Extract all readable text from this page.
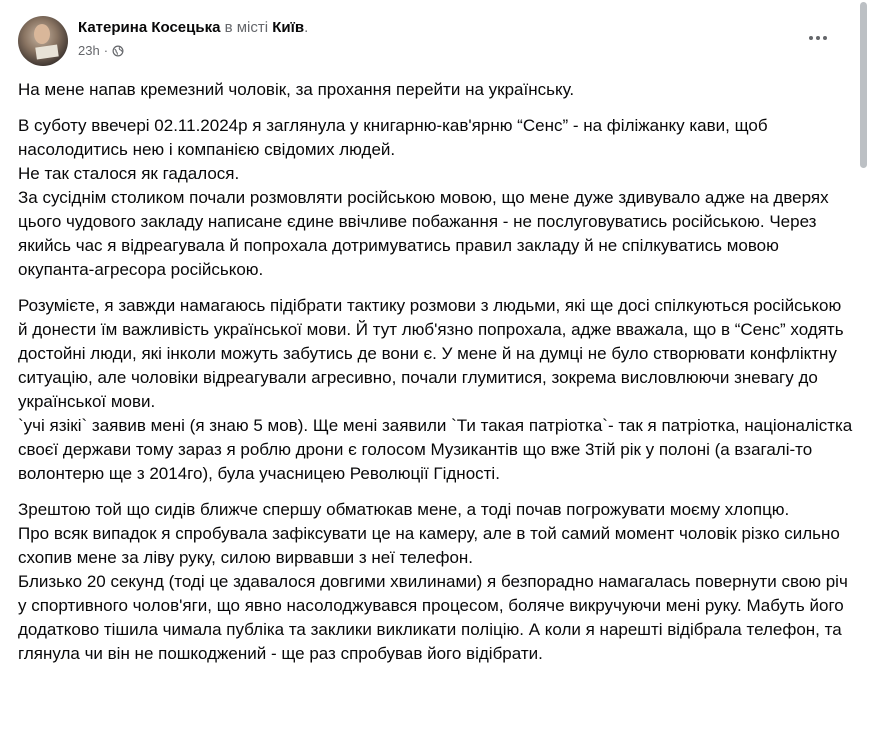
Катерина Косецька в місті Київ.
23h ·

На мене напав кремезний чоловік, за прохання перейти на українську.

В суботу ввечері 02.11.2024р я заглянула у книгарню-кав'ярню “Сенс” - на філіжанку кави, щоб насолодитись нею і компанією свідомих людей.
Не так сталося як гадалося.
За сусіднім столиком почали розмовляти російською мовою, що мене дуже здивувало адже на дверях цього чудового закладу написане єдине ввічливе побажання - не послуговуватись російською. Через якийсь час я відреагувала й попрохала дотримуватись правил закладу й не спілкуватись мовою окупанта-агресора російською.

Розумієте, я завжди намагаюсь підібрати тактику розмови з людьми, які ще досі спілкуються російською й донести їм важливість української мови. Й тут люб'язно попрохала, адже вважала, що в “Сенс” ходять достойні люди, які інколи можуть забутись де вони є. У мене й на думці не було створювати конфліктну ситуацію, але чоловіки відреагували агресивно, почали глумитися, зокрема висловлюючи зневагу до української мови.
`учі язікі` заявив мені (я знаю 5 мов). Ще мені заявили `Ти такая патріотка`- так я патріотка, націоналістка своєї держави тому зараз я роблю дрони є голосом Музикантів що вже 3тій рік у полоні (а взагалі-то волонтерю ще з 2014го), була учасницею Революції Гідності.

Зрештою той що сидів ближче спершу обматюкав мене, а тоді почав погрожувати моєму хлопцю.
Про всяк випадок я спробувала зафіксувати це на камеру, але в той самий момент чоловік різко сильно схопив мене за ліву руку, силою вирвавши з неї телефон.
Близько 20 секунд (тоді це здавалося довгими хвилинами) я безпорадно намагалась повернути свою річ у спортивного чолов'яги, що явно насолоджувався процесом, боляче викручуючи мені руку. Мабуть його додатково тішила чимала публіка та заклики викликати поліцію. А коли я нарешті відібрала телефон, та глянула чи він не пошкоджений - ще раз спробував його відібрати.
